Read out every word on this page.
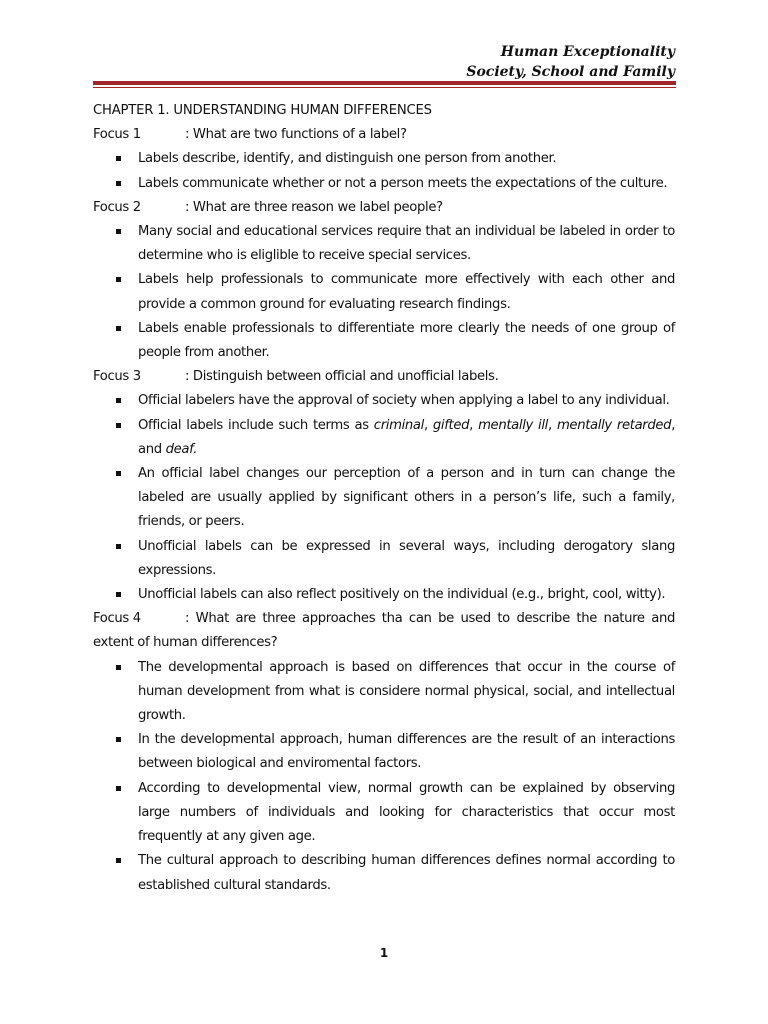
Human Exceptionality
Society, School and Family
CHAPTER 1. UNDERSTANDING HUMAN DIFFERENCES
Focus 1	: What are two functions of a label?
Labels describe, identify, and distinguish one person from another.
Labels communicate whether or not a person meets the expectations of the culture.
Focus 2	: What are three reason we label people?
Many social and educational services require that an individual be labeled in order to determine who is eliglible to receive special services.
Labels help professionals to communicate more effectively with each other and provide a common ground for evaluating research findings.
Labels enable professionals to differentiate more clearly the needs of one group of people from another.
Focus 3	: Distinguish between official and unofficial labels.
Official labelers have the approval of society when applying a label to any individual.
Official labels include such terms as criminal, gifted, mentally ill, mentally retarded, and deaf.
An official label changes our perception of a person and in turn can change the labeled are usually applied by significant others in a person’s life, such a family, friends, or peers.
Unofficial labels can be expressed in several ways, including derogatory slang expressions.
Unofficial labels can also reflect positively on the individual (e.g., bright, cool, witty).
Focus 4	: What are three approaches tha can be used to describe the nature and extent of human differences?
The developmental approach is based on differences that occur in the course of human development from what is considere normal physical, social, and intellectual growth.
In the developmental approach, human differences are the result of an interactions between biological and enviromental factors.
According to developmental view, normal growth can be explained by observing large numbers of individuals and looking for characteristics that occur most frequently at any given age.
The cultural approach to describing human differences defines normal according to established cultural standards.
1
